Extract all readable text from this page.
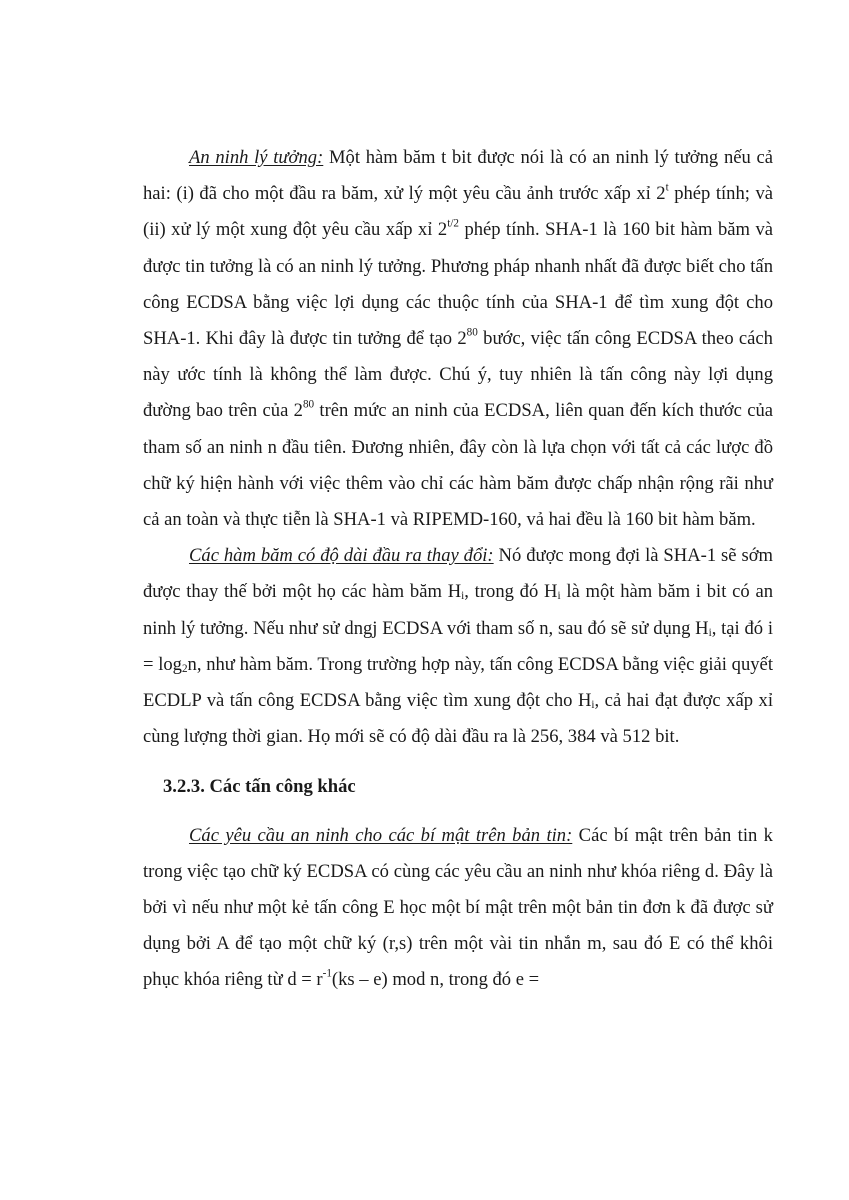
An ninh lý tưởng: Một hàm băm t bit được nói là có an ninh lý tưởng nếu cả hai: (i) đã cho một đầu ra băm, xử lý một yêu cầu ảnh trước xấp xỉ 2$^t$ phép tính; và (ii) xử lý một xung đột yêu cầu xấp xỉ $2^{t/2}$ phép tính. SHA-1 là 160 bit hàm băm và được tin tưởng là có an ninh lý tưởng. Phương pháp nhanh nhất đã được biết cho tấn công ECDSA bằng việc lợi dụng các thuộc tính của SHA-1 để tìm xung đột cho SHA-1. Khi đây là được tin tưởng để tạo $2^{80}$ bước, việc tấn công ECDSA theo cách này ước tính là không thể làm được. Chú ý, tuy nhiên là tấn công này lợi dụng đường bao trên của $2^{80}$ trên mức an ninh của ECDSA, liên quan đến kích thước của tham số an ninh n đầu tiên. Đương nhiên, đây còn là lựa chọn với tất cả các lược đồ chữ ký hiện hành với việc thêm vào chỉ các hàm băm được chấp nhận rộng rãi như cả an toàn và thực tiễn là SHA-1 và RIPEMD-160, vả hai đều là 160 bit hàm băm.

Các hàm băm có độ dài đầu ra thay đổi: Nó được mong đợi là SHA-1 sẽ sớm được thay thế bởi một họ các hàm băm $H_i$, trong đó $H_i$ là một hàm băm i bit có an ninh lý tưởng. Nếu như sử dngj ECDSA với tham số n, sau đó sẽ sử dụng $H_i$, tại đó $i = \log_2n$, như hàm băm. Trong trường hợp này, tấn công ECDSA bằng việc giải quyết ECDLP và tấn công ECDSA bằng việc tìm xung đột cho $H_i$, cả hai đạt được xấp xỉ cùng lượng thời gian. Họ mới sẽ có độ dài đầu ra là 256, 384 và 512 bit.

3.2.3. Các tấn công khác

Các yêu cầu an ninh cho các bí mật trên bản tin: Các bí mật trên bản tin k trong việc tạo chữ ký ECDSA có cùng các yêu cầu an ninh như khóa riêng d. Đây là bởi vì nếu như một kẻ tấn công E học một bí mật trên một bản tin đơn k đã được sử dụng bởi A để tạo một chữ ký (r,s) trên một vài tin nhắn m, sau đó E có thể khôi phục khóa riêng từ $d = r^{-1}(ks - e)$ mod n, trong đó e =
